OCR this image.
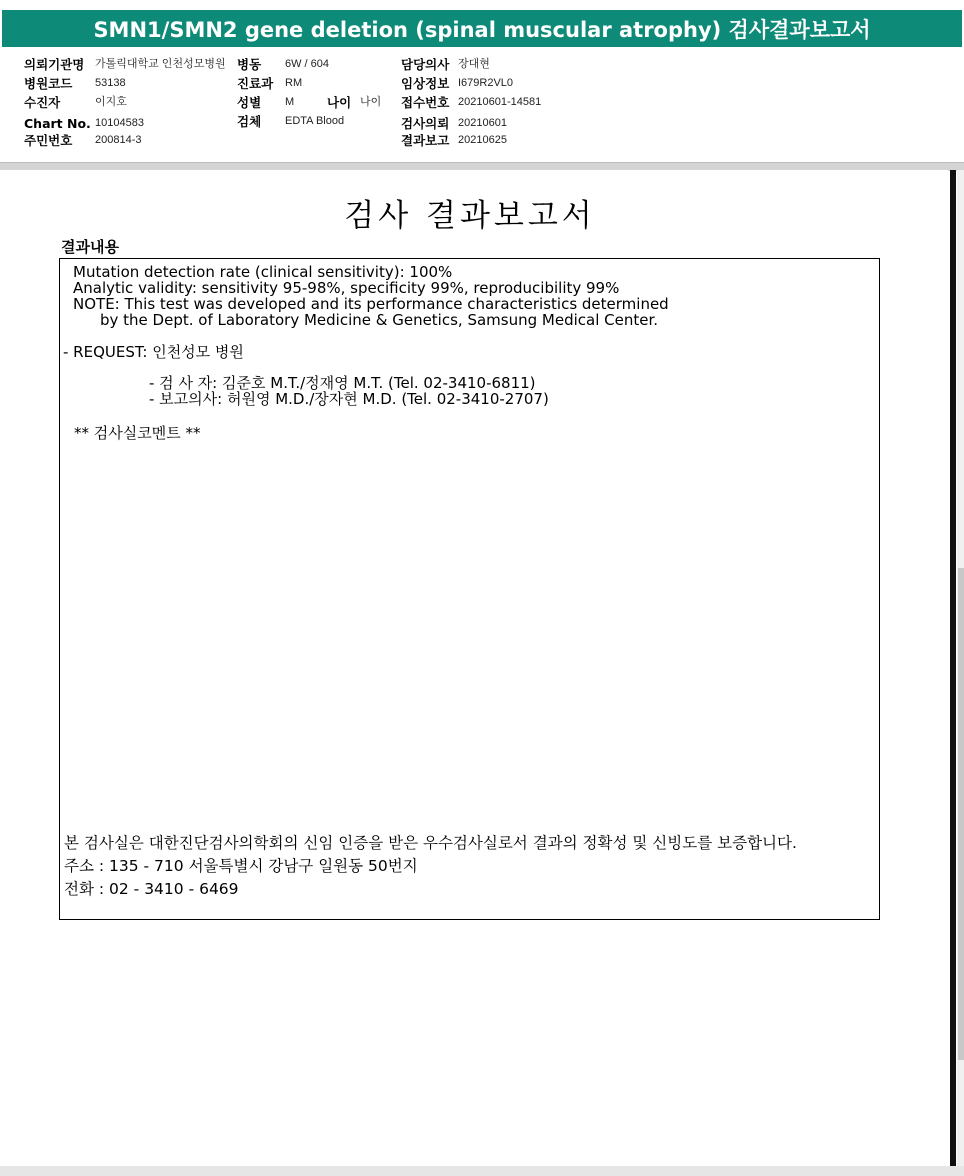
SMN1/SMN2 gene deletion (spinal muscular atrophy) 검사결과보고서
의뢰기관명 가톨릭대학교 인천성모병원
병원코드 53138
수진자	이지호
Chart No. 10104583
주민번호 200814-3
병동 6W / 604
진료과 RM
성별 M	나이 나이
검체 EDTA Blood
담당의사 장대현
임상정보 I679R2VL0
접수번호 20210601-14581
검사의뢰 20210601
결과보고 20210625
검사 결과보고서
결과내용
Mutation detection rate (clinical sensitivity): 100%
Analytic validity: sensitivity 95-98%, specificity 99%, reproducibility 99%
NOTE: This test was developed and its performance characteristics determined
by the Dept. of Laboratory Medicine & Genetics, Samsung Medical Center.
- REQUEST: 인천성모 병원
- 검 사 자: 김준호 M.T./정재영 M.T. (Tel. 02-3410-6811)
- 보고의사: 허원영 M.D./장자현 M.D. (Tel. 02-3410-2707)
** 검사실코멘트 **
본 검사실은 대한진단검사의학회의 신임 인증을 받은 우수검사실로서 결과의 정확성 및 신빙도를 보증합니다.
주소 : 135 - 710 서울특별시 강남구 일원동 50번지
전화 : 02 - 3410 - 6469
